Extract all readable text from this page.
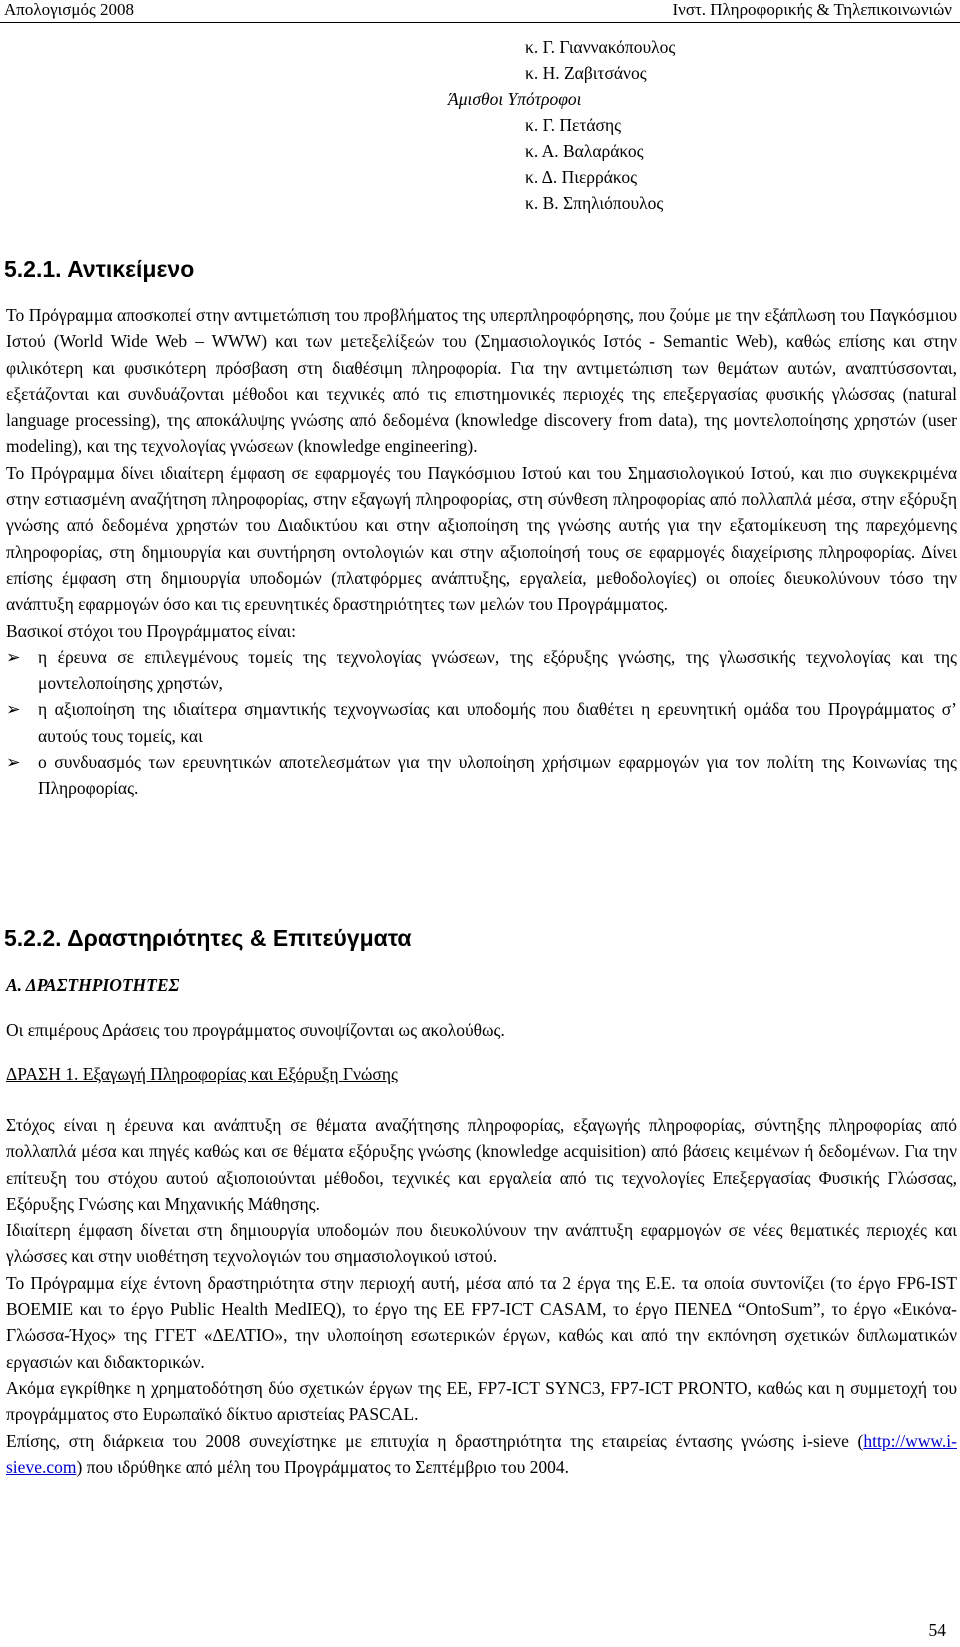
Απολογισμός 2008	Ινστ. Πληροφορικής & Τηλεπικοινωνιών
κ. Γ. Γιαννακόπουλος
κ. Η. Ζαβιτσάνος
Άμισθοι Υπότροφοι
κ. Γ. Πετάσης
κ. Α. Βαλαράκος
κ. Δ. Πιερράκος
κ. Β. Σπηλιόπουλος
5.2.1. Αντικείμενο

Το Πρόγραμμα αποσκοπεί στην αντιμετώπιση του προβλήματος της υπερπληροφόρησης, που ζούμε με την εξάπλωση του Παγκόσμιου Ιστού (World Wide Web – WWW) και των μετεξελίξεών του (Σημασιολογικός Ιστός - Semantic Web), καθώς επίσης και στην φιλικότερη και φυσικότερη πρόσβαση στη διαθέσιμη πληροφορία. Για την αντιμετώπιση των θεμάτων αυτών, αναπτύσσονται, εξετάζονται και συνδυάζονται μέθοδοι και τεχνικές από τις επιστημονικές περιοχές της επεξεργασίας φυσικής γλώσσας (natural language processing), της αποκάλυψης γνώσης από δεδομένα (knowledge discovery from data), της μοντελοποίησης χρηστών (user modeling), και της τεχνολογίας γνώσεων (knowledge engineering).

Το Πρόγραμμα δίνει ιδιαίτερη έμφαση σε εφαρμογές του Παγκόσμιου Ιστού και του Σημασιολογικού Ιστού, και πιο συγκεκριμένα στην εστιασμένη αναζήτηση πληροφορίας, στην εξαγωγή πληροφορίας, στη σύνθεση πληροφορίας από πολλαπλά μέσα, στην εξόρυξη γνώσης από δεδομένα χρηστών του Διαδικτύου και στην αξιοποίηση της γνώσης αυτής για την εξατομίκευση της παρεχόμενης πληροφορίας, στη δημιουργία και συντήρηση οντολογιών και στην αξιοποίησή τους σε εφαρμογές διαχείρισης πληροφορίας. Δίνει επίσης έμφαση στη δημιουργία υποδομών (πλατφόρμες ανάπτυξης, εργαλεία, μεθοδολογίες) οι οποίες διευκολύνουν τόσο την ανάπτυξη εφαρμογών όσο και τις ερευνητικές δραστηριότητες των μελών του Προγράμματος.

Βασικοί στόχοι του Προγράμματος είναι:

➢ η έρευνα σε επιλεγμένους τομείς της τεχνολογίας γνώσεων, της εξόρυξης γνώσης, της γλωσσικής τεχνολογίας και της μοντελοποίησης χρηστών,
➢ η αξιοποίηση της ιδιαίτερα σημαντικής τεχνογνωσίας και υποδομής που διαθέτει η ερευνητική ομάδα του Προγράμματος σ’ αυτούς τους τομείς, και
➢ ο συνδυασμός των ερευνητικών αποτελεσμάτων για την υλοποίηση χρήσιμων εφαρμογών για τον πολίτη της Κοινωνίας της Πληροφορίας.
5.2.2. Δραστηριότητες & Επιτεύγματα
Α. ΔΡΑΣΤΗΡΙΟΤΗΤΕΣ
Οι επιμέρους Δράσεις του προγράμματος συνοψίζονται ως ακολούθως.
ΔΡΑΣΗ 1. Εξαγωγή Πληροφορίας και Εξόρυξη Γνώσης

Στόχος είναι η έρευνα και ανάπτυξη σε θέματα αναζήτησης πληροφορίας, εξαγωγής πληροφορίας, σύντηξης πληροφορίας από πολλαπλά μέσα και πηγές καθώς και σε θέματα εξόρυξης γνώσης (knowledge acquisition) από βάσεις κειμένων ή δεδομένων. Για την επίτευξη του στόχου αυτού αξιοποιούνται μέθοδοι, τεχνικές και εργαλεία από τις τεχνολογίες Επεξεργασίας Φυσικής Γλώσσας, Εξόρυξης Γνώσης και Μηχανικής Μάθησης.

Ιδιαίτερη έμφαση δίνεται στη δημιουργία υποδομών που διευκολύνουν την ανάπτυξη εφαρμογών σε νέες θεματικές περιοχές και γλώσσες και στην υιοθέτηση τεχνολογιών του σημασιολογικού ιστού.

Το Πρόγραμμα είχε έντονη δραστηριότητα στην περιοχή αυτή, μέσα από τα 2 έργα της Ε.Ε. τα οποία συντονίζει (το έργο FP6-IST BOEMIE και το έργο Public Health MedIEQ), το έργο της ΕΕ FP7-ICT CASAM, το έργο ΠΕΝΕΔ “OntoSum”, το έργο «Εικόνα-Γλώσσα-Ήχος» της ΓΓΕΤ «ΔΕΛΤΙΟ», την υλοποίηση εσωτερικών έργων, καθώς και από την εκπόνηση σχετικών διπλωματικών εργασιών και διδακτορικών.

Ακόμα εγκρίθηκε η χρηματοδότηση δύο σχετικών έργων της ΕΕ, FP7-ICT SYNC3, FP7-ICT PRONTO, καθώς και η συμμετοχή του προγράμματος στο Ευρωπαϊκό δίκτυο αριστείας PASCAL.

Επίσης, στη διάρκεια του 2008 συνεχίστηκε με επιτυχία η δραστηριότητα της εταιρείας έντασης γνώσης i-sieve (http://www.i-sieve.com) που ιδρύθηκε από μέλη του Προγράμματος το Σεπτέμβριο του 2004.

54
